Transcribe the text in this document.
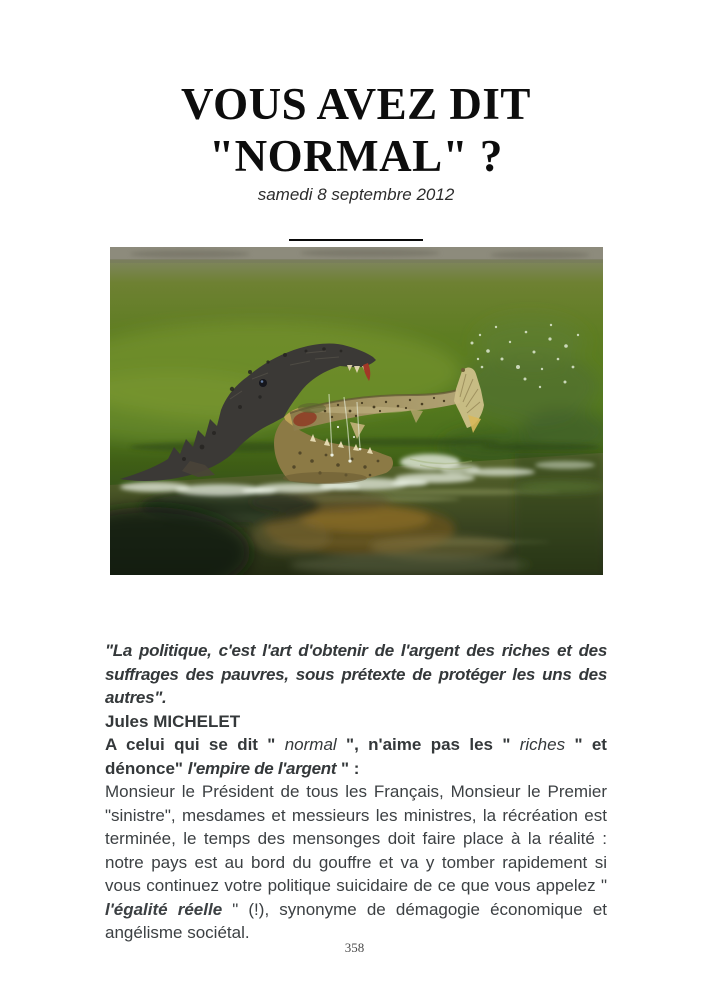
VOUS AVEZ DIT
"NORMAL" ?
samedi 8 septembre 2012

"La politique, c'est l'art d'obtenir de l'argent des riches et des suffrages des pauvres, sous prétexte de protéger les uns des autres".

Jules MICHELET

A celui qui se dit " normal ", n'aime pas les " riches " et dénonce" l'empire de l'argent " :

Monsieur le Président de tous les Français, Monsieur le Premier "sinistre", mesdames et messieurs les ministres, la récréation est terminée, le temps des mensonges doit faire place à la réalité : notre pays est au bord du gouffre et va y tomber rapidement si vous continuez votre politique suicidaire de ce que vous appelez " l'égalité réelle " (!), synonyme de démagogie économique et angélisme sociétal.

358
